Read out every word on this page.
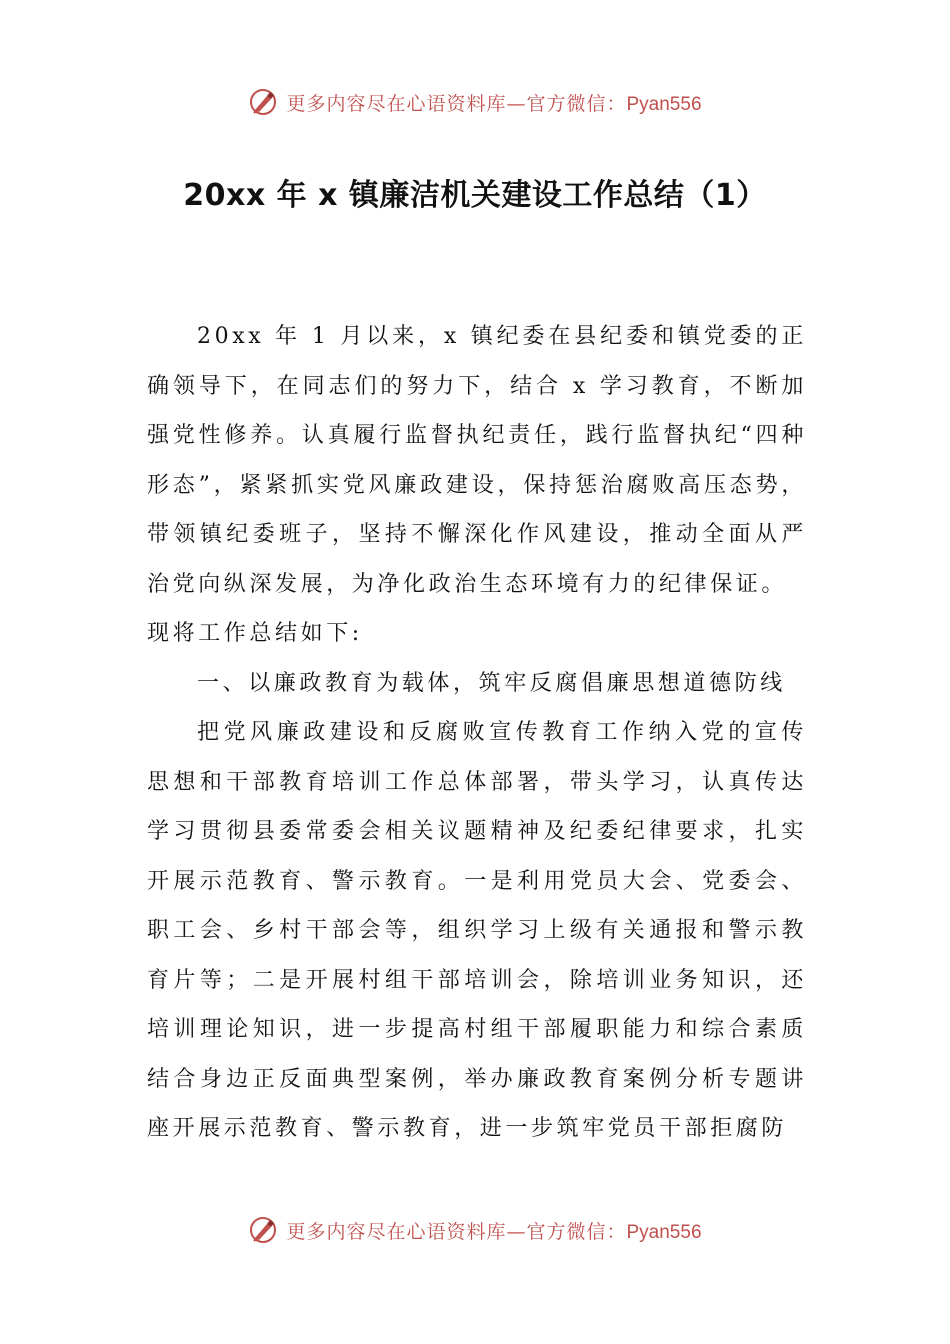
更多内容尽在心语资料库—官方微信：Pyan556
20xx 年 x 镇廉洁机关建设工作总结（1）

20xx 年 1 月以来，x 镇纪委在县纪委和镇党委的正确领导下，在同志们的努力下，结合 x 学习教育，不断加强党性修养。认真履行监督执纪责任，践行监督执纪“四种形态”，紧紧抓实党风廉政建设，保持惩治腐败高压态势，带领镇纪委班子，坚持不懈深化作风建设，推动全面从严治党向纵深发展，为净化政治生态环境有力的纪律保证。

现将工作总结如下:

一、以廉政教育为载体，筑牢反腐倡廉思想道德防线

把党风廉政建设和反腐败宣传教育工作纳入党的宣传思想和干部教育培训工作总体部署，带头学习，认真传达学习贯彻县委常委会相关议题精神及纪委纪律要求，扎实开展示范教育、警示教育。一是利用党员大会、党委会、职工会、乡村干部会等，组织学习上级有关通报和警示教育片等；二是开展村组干部培训会，除培训业务知识，还培训理论知识，进一步提高村组干部履职能力和综合素质结合身边正反面典型案例，举办廉政教育案例分析专题讲座开展示范教育、警示教育，进一步筑牢党员干部拒腐防

更多内容尽在心语资料库—官方微信：Pyan556
